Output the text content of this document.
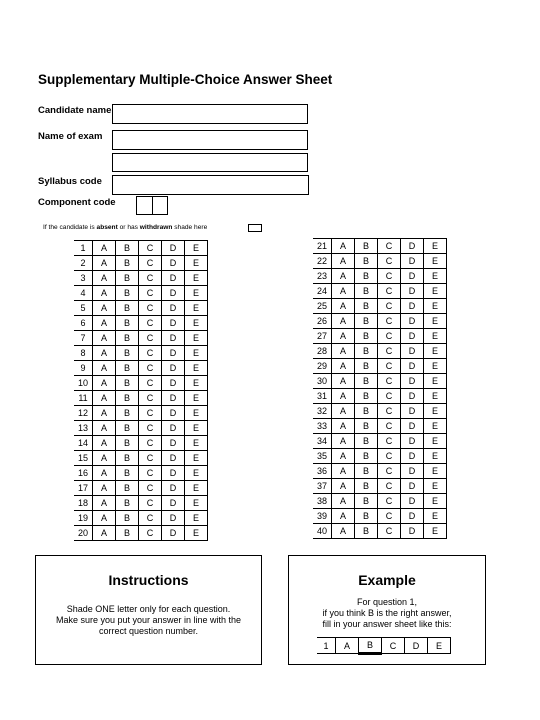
Supplementary Multiple-Choice Answer Sheet
Candidate name
Name of exam
Syllabus code
Component code
If the candidate is absent or has withdrawn shade here
1	A	B	C	D	E
2	A	B	C	D	E
3	A	B	C	D	E
4	A	B	C	D	E
5	A	B	C	D	E
6	A	B	C	D	E
7	A	B	C	D	E
8	A	B	C	D	E
9	A	B	C	D	E
10	A	B	C	D	E
11	A	B	C	D	E
12	A	B	C	D	E
13	A	B	C	D	E
14	A	B	C	D	E
15	A	B	C	D	E
16	A	B	C	D	E
17	A	B	C	D	E
18	A	B	C	D	E
19	A	B	C	D	E
20	A	B	C	D	E
21	A	B	C	D	E
22	A	B	C	D	E
23	A	B	C	D	E
24	A	B	C	D	E
25	A	B	C	D	E
26	A	B	C	D	E
27	A	B	C	D	E
28	A	B	C	D	E
29	A	B	C	D	E
30	A	B	C	D	E
31	A	B	C	D	E
32	A	B	C	D	E
33	A	B	C	D	E
34	A	B	C	D	E
35	A	B	C	D	E
36	A	B	C	D	E
37	A	B	C	D	E
38	A	B	C	D	E
39	A	B	C	D	E
40	A	B	C	D	E
Instructions
Shade ONE letter only for each question.
Make sure you put your answer in line with the
correct question number.
Example
For question 1,
if you think B is the right answer,
fill in your answer sheet like this:
1	A	B	C	D	E
